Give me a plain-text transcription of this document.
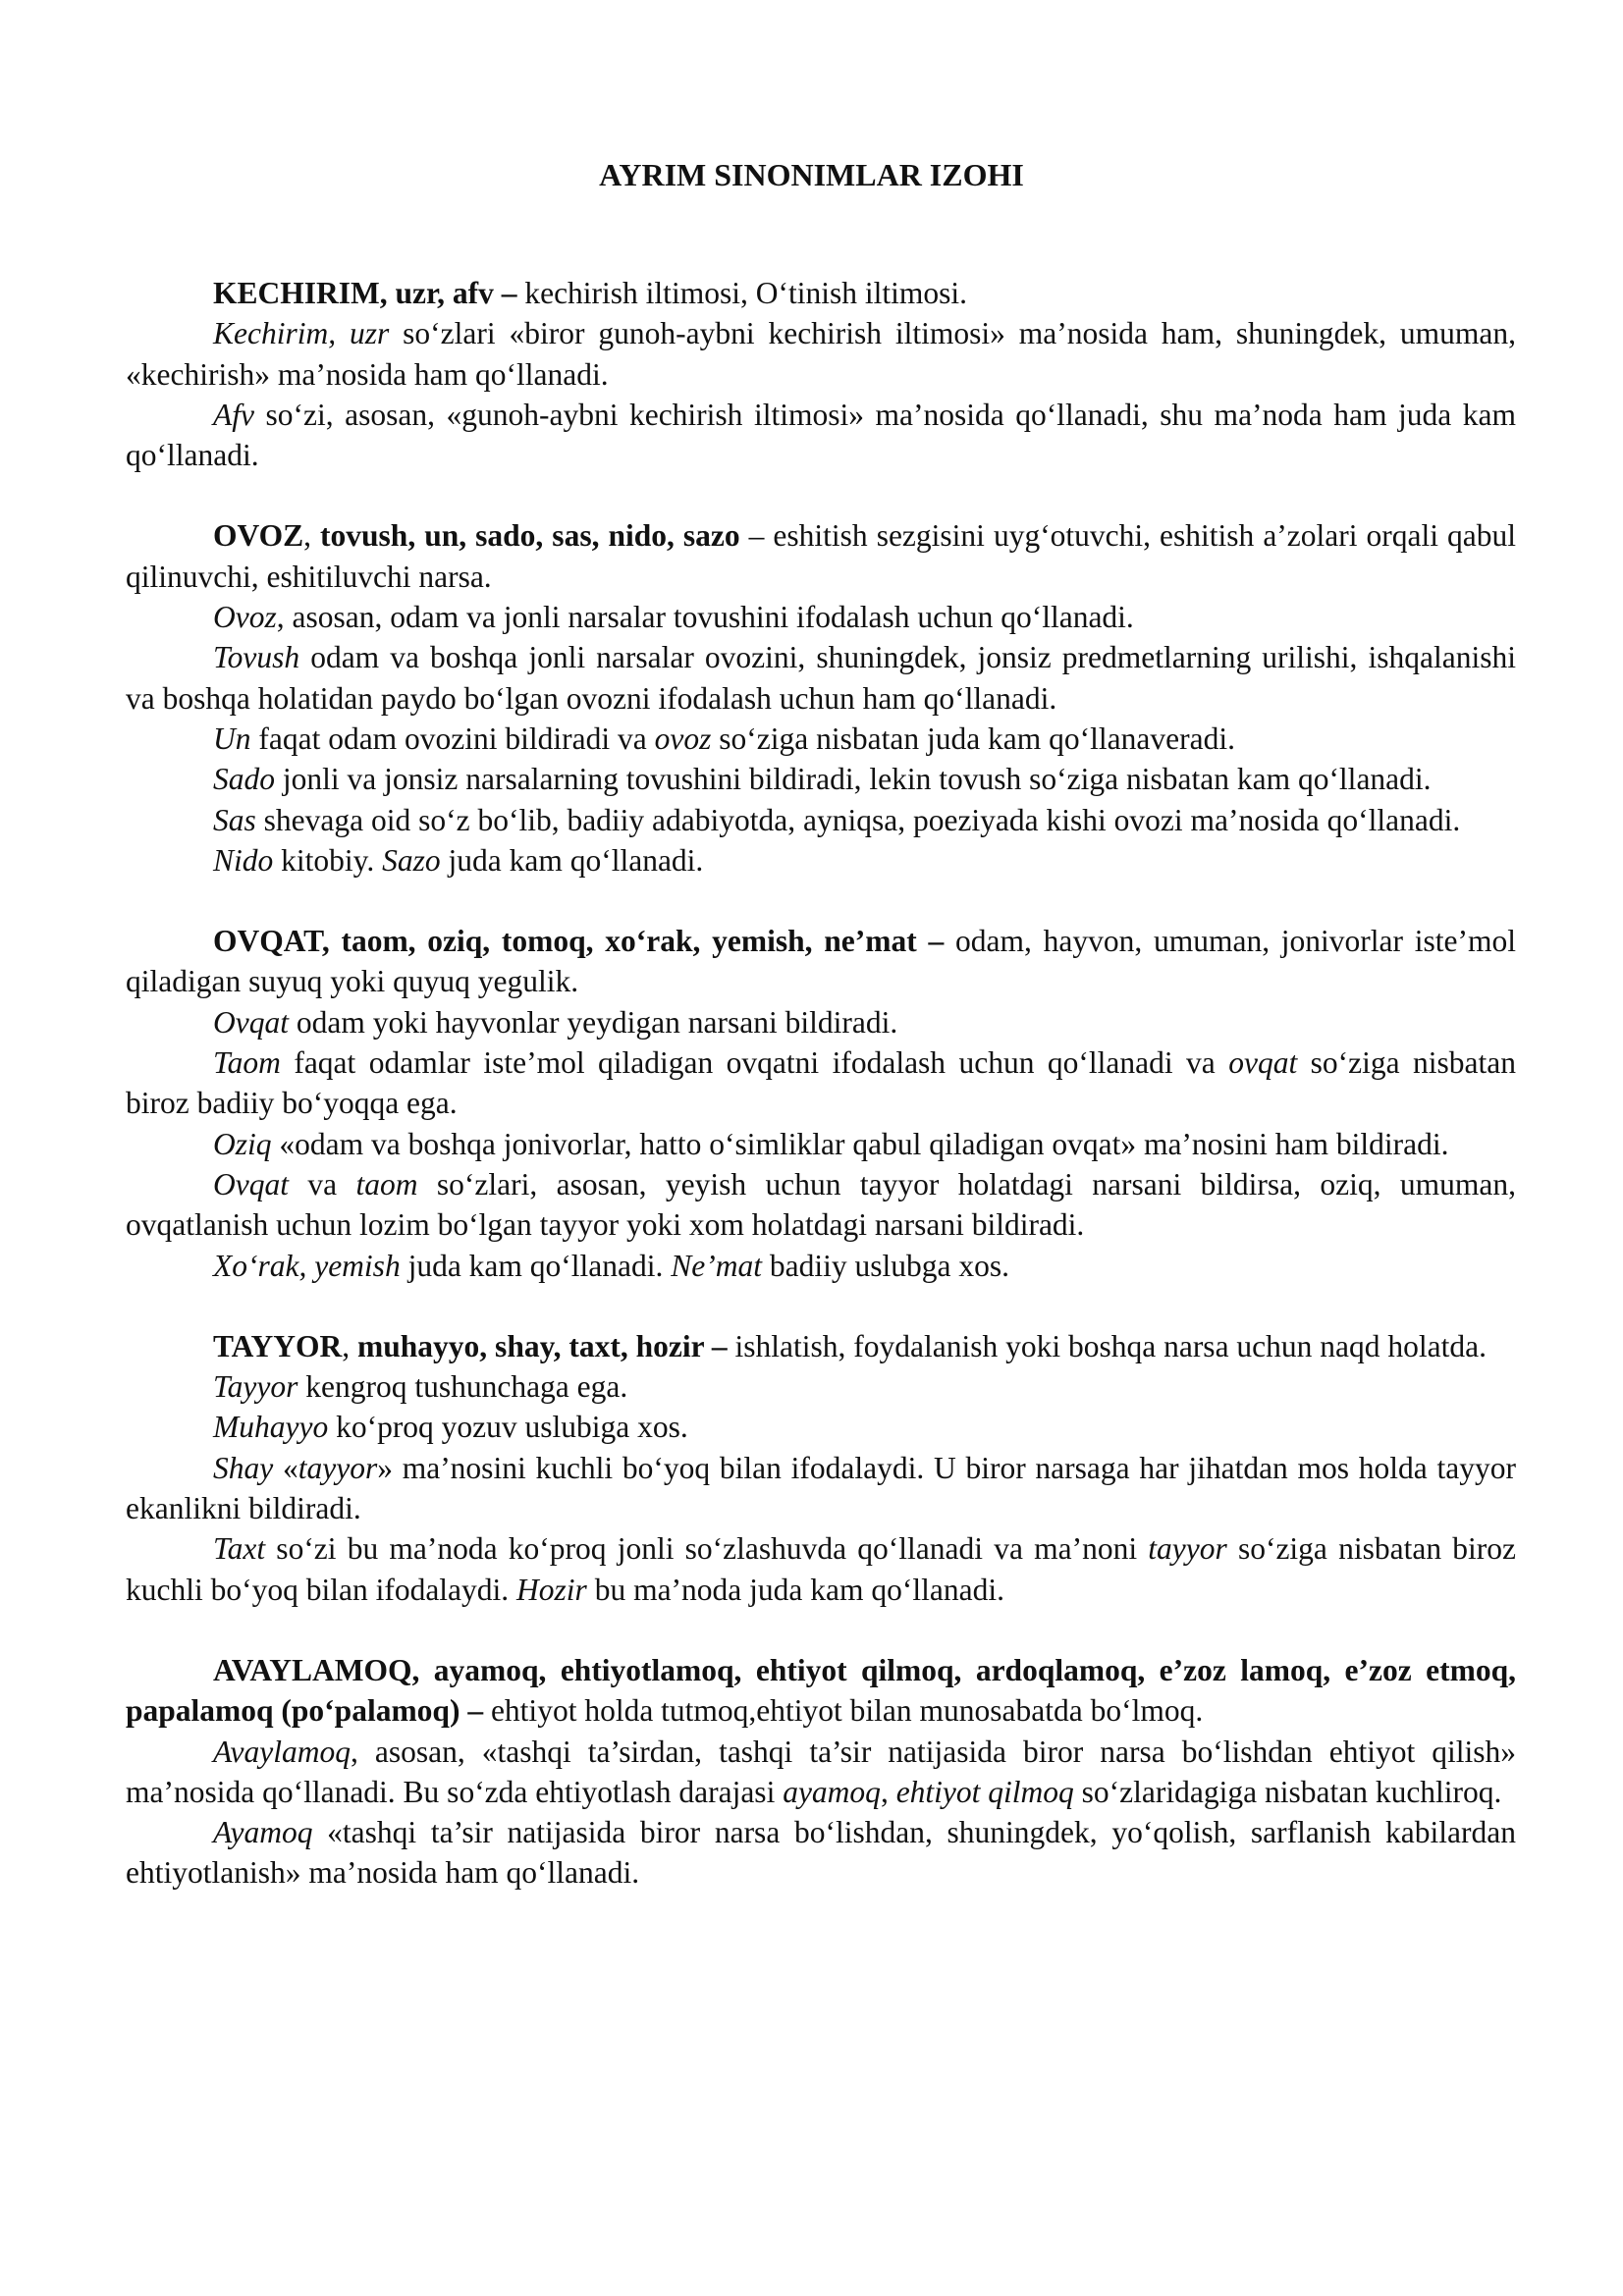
AYRIM SINONIMLAR IZOHI

KECHIRIM, uzr, afv – kechirish iltimosi, O‘tinish iltimosi.

Kechirim, uzr so‘zlari «biror gunoh-aybni kechirish iltimosi» ma’nosida ham, shuningdek, umuman, «kechirish» ma’nosida ham qo‘llanadi.

Afv so‘zi, asosan, «gunoh-aybni kechirish iltimosi» ma’nosida qo‘llanadi, shu ma’noda ham juda kam qo‘llanadi.

OVOZ, tovush, un, sado, sas, nido, sazo – eshitish sezgisini uyg‘otuvchi, eshitish a’zolari orqali qabul qilinuvchi, eshitiluvchi narsa.

Ovoz, asosan, odam va jonli narsalar tovushini ifodalash uchun qo‘llanadi.

Tovush odam va boshqa jonli narsalar ovozini, shuningdek, jonsiz predmetlarning urilishi, ishqalanishi va boshqa holatidan paydo bo‘lgan ovozni ifodalash uchun ham qo‘llanadi.

Un faqat odam ovozini bildiradi va ovoz so‘ziga nisbatan juda kam qo‘llanaveradi.

Sado jonli va jonsiz narsalarning tovushini bildiradi, lekin tovush so‘ziga nisbatan kam qo‘llanadi.

Sas shevaga oid so‘z bo‘lib, badiiy adabiyotda, ayniqsa, poeziyada kishi ovozi ma’nosida qo‘llanadi.

Nido kitobiy. Sazo juda kam qo‘llanadi.

OVQAT, taom, oziq, tomoq, xo‘rak, yemish, ne’mat – odam, hayvon, umuman, jonivorlar iste’mol qiladigan suyuq yoki quyuq yegulik.

Ovqat odam yoki hayvonlar yeydigan narsani bildiradi.

Taom faqat odamlar iste’mol qiladigan ovqatni ifodalash uchun qo‘llanadi va ovqat so‘ziga nisbatan biroz badiiy bo‘yoqqa ega.

Oziq «odam va boshqa jonivorlar, hatto o‘simliklar qabul qiladigan ovqat» ma’nosini ham bildiradi.

Ovqat va taom so‘zlari, asosan, yeyish uchun tayyor holatdagi narsani bildirsa, oziq, umuman, ovqatlanish uchun lozim bo‘lgan tayyor yoki xom holatdagi narsani bildiradi.

Xo‘rak, yemish juda kam qo‘llanadi. Ne’mat badiiy uslubga xos.

TAYYOR, muhayyo, shay, taxt, hozir – ishlatish, foydalanish yoki boshqa narsa uchun naqd holatda.

Tayyor kengroq tushunchaga ega.

Muhayyo ko‘proq yozuv uslubiga xos.

Shay «tayyor» ma’nosini kuchli bo‘yoq bilan ifodalaydi. U biror narsaga har jihatdan mos holda tayyor ekanlikni bildiradi.

Taxt so‘zi bu ma’noda ko‘proq jonli so‘zlashuvda qo‘llanadi va ma’noni tayyor so‘ziga nisbatan biroz kuchli bo‘yoq bilan ifodalaydi. Hozir bu ma’noda juda kam qo‘llanadi.

AVAYLAMOQ, ayamoq, ehtiyotlamoq, ehtiyot qilmoq, ardoqlamoq, e’zoz lamoq, e’zoz etmoq, papalamoq (po‘palamoq) – ehtiyot holda tutmoq,ehtiyot bilan munosabatda bo‘lmoq.

Avaylamoq, asosan, «tashqi ta’sirdan, tashqi ta’sir natijasida biror narsa bo‘lishdan ehtiyot qilish» ma’nosida qo‘llanadi. Bu so‘zda ehtiyotlash darajasi ayamoq, ehtiyot qilmoq so‘zlaridagiga nisbatan kuchliroq.

Ayamoq «tashqi ta’sir natijasida biror narsa bo‘lishdan, shuningdek, yo‘qolish, sarflanish kabilardan ehtiyotlanish» ma’nosida ham qo‘llanadi.
